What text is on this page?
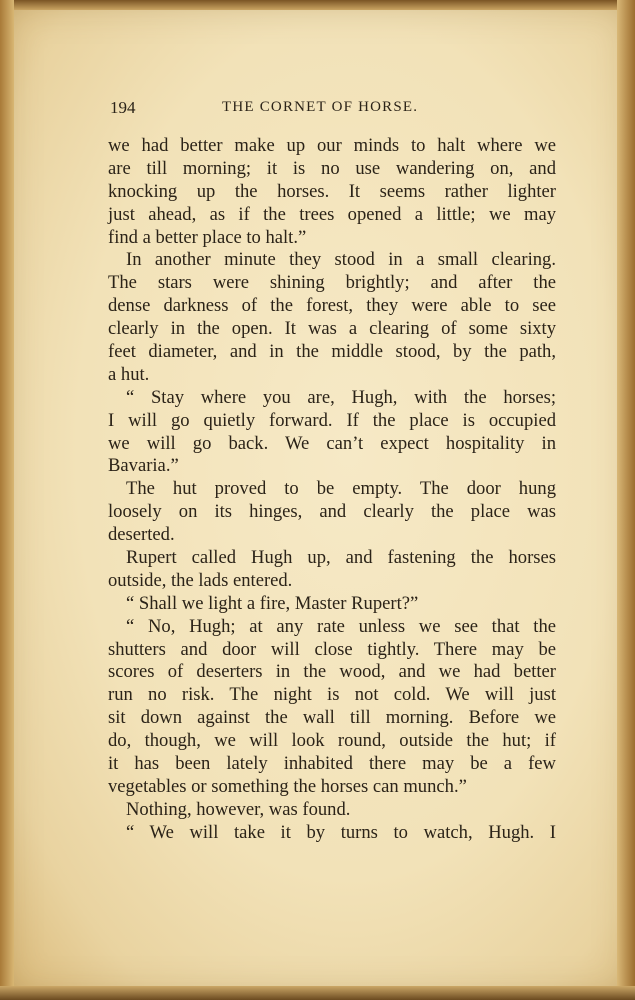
194	THE CORNET OF HORSE.
we had better make up our minds to halt where we
are till morning; it is no use wandering on, and
knocking up the horses. It seems rather lighter
just ahead, as if the trees opened a little; we may
find a better place to halt.”
In another minute they stood in a small clearing.
The stars were shining brightly; and after the
dense darkness of the forest, they were able to see
clearly in the open. It was a clearing of some sixty
feet diameter, and in the middle stood, by the path,
a hut.
“ Stay where you are, Hugh, with the horses;
I will go quietly forward. If the place is occupied
we will go back. We can’t expect hospitality in
Bavaria.”
The hut proved to be empty. The door hung
loosely on its hinges, and clearly the place was
deserted.
Rupert called Hugh up, and fastening the horses
outside, the lads entered.
“ Shall we light a fire, Master Rupert?”
“ No, Hugh; at any rate unless we see that the
shutters and door will close tightly. There may be
scores of deserters in the wood, and we had better
run no risk. The night is not cold. We will just
sit down against the wall till morning. Before we
do, though, we will look round, outside the hut; if
it has been lately inhabited there may be a few
vegetables or something the horses can munch.”
Nothing, however, was found.
“ We will take it by turns to watch, Hugh. I
